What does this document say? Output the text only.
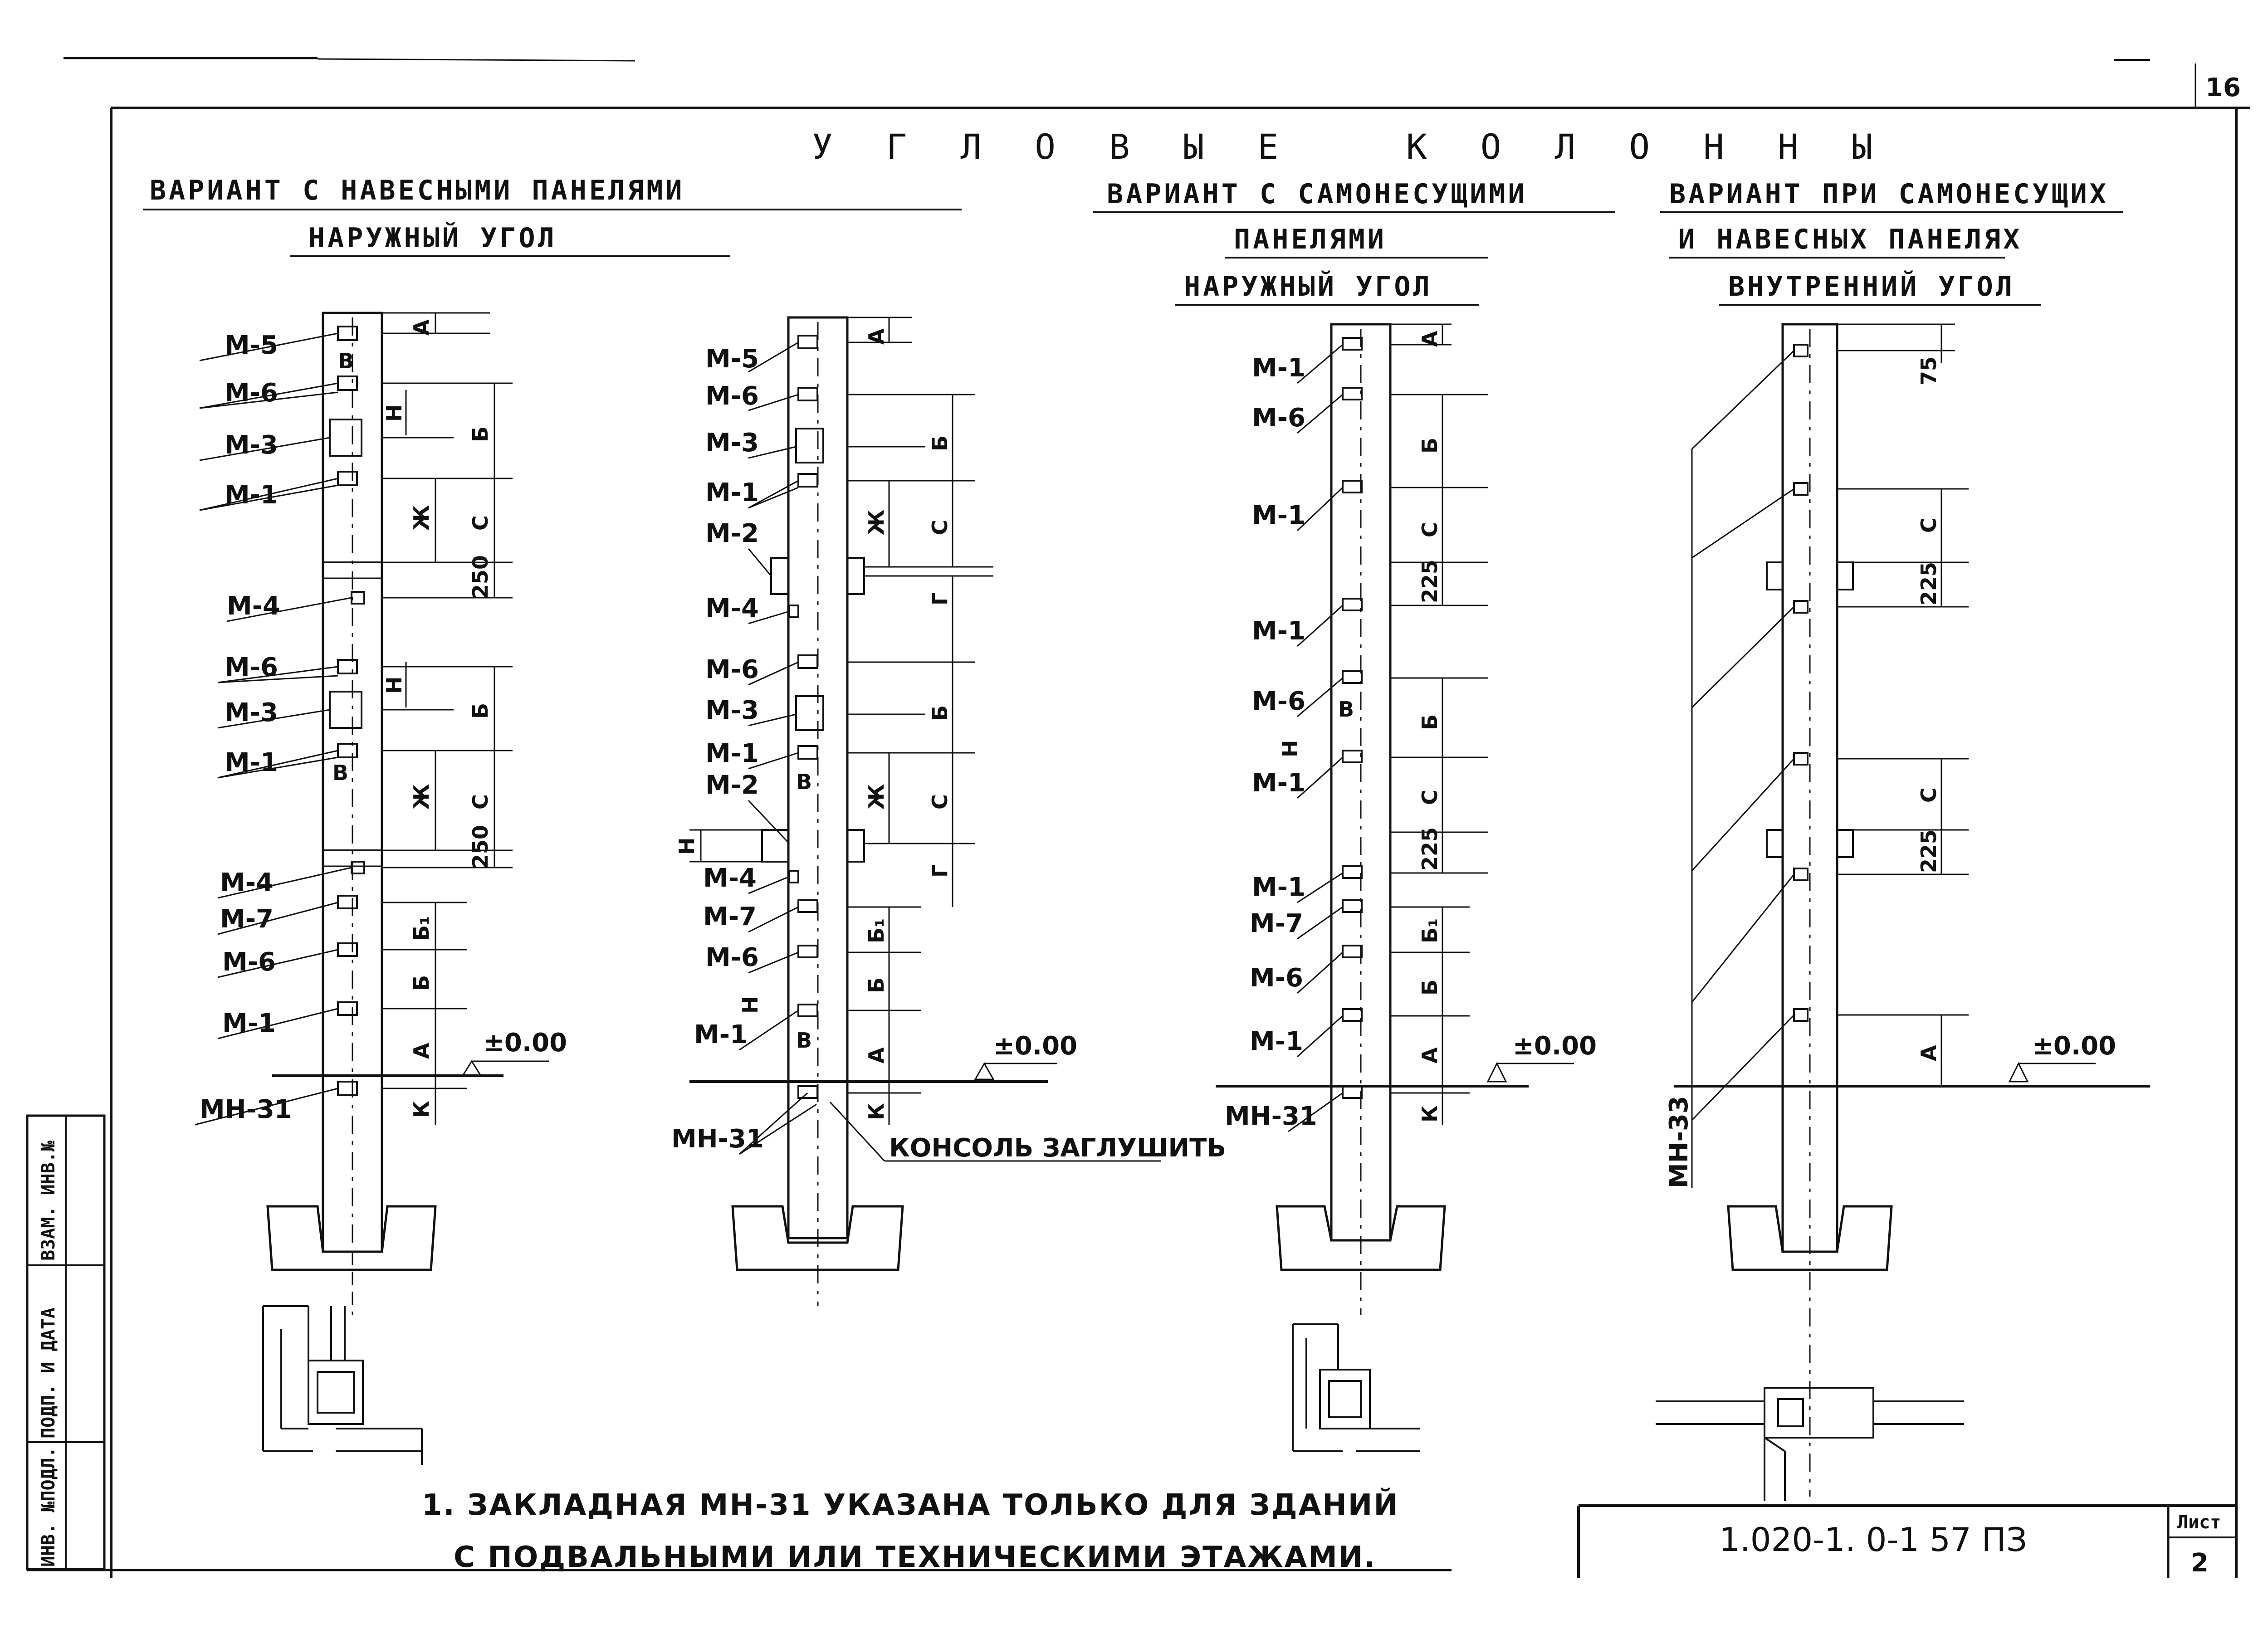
16
ИНВ. №ПОДЛ.
ПОДП. И ДАТА
ВЗАМ. ИНВ.№
УГЛОВЫЕ КОЛОННЫ
ВАРИАНТ С НАВЕСНЫМИ ПАНЕЛЯМИ
НАРУЖНЫЙ УГОЛ
ВАРИАНТ С САМОНЕСУЩИМИ
ПАНЕЛЯМИ
НАРУЖНЫЙ УГОЛ
ВАРИАНТ ПРИ САМОНЕСУЩИХ
И НАВЕСНЫХ ПАНЕЛЯХ
ВНУТРЕННИЙ УГОЛ
М-5
М-6
М-3
М-1
М-4
М-6
М-3
М-1
М-4
М-7
М-6
М-1
МН-31
А
Н
Б
Ж С
250
Н
Б
Ж С
250
Б₁
Б
А
К
В
В
±0.00
М-5
М-6
М-3
М-1
М-2
М-4
М-6
М-3
М-1
М-2
М-4
М-7
М-6
М-1
МН-31	КОНСОЛЬ ЗАГЛУШИТЬ
А
Б
Ж С
Г
Б
Ж С
Г
Н
Б₁
Б
А
К
В
В
Н
±0.00
М-1
М-6
М-1
М-1
М-6
М-1
М-1
М-7
М-6
М-1
МН-31
А
Б
С
225
Б
С
225
Б₁
Б
А
К
В
Н
±0.00
МН-33
75
С
225
С
225
А	±0.00
1. ЗАКЛАДНАЯ МН-31 УКАЗАНА ТОЛЬКО ДЛЯ ЗДАНИЙ
С ПОДВАЛЬНЫМИ ИЛИ ТЕХНИЧЕСКИМИ ЭТАЖАМИ.	1.020-1. 0-1 57 ПЗ	Лист
2
